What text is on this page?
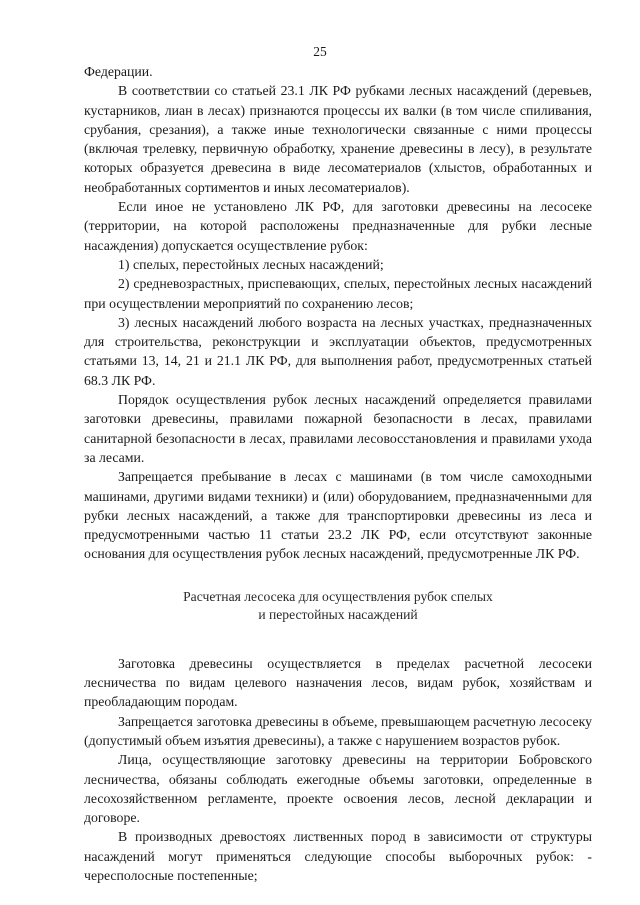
25

Федерации.

В соответствии со статьей 23.1 ЛК РФ рубками лесных насаждений (деревьев, кустарников, лиан в лесах) признаются процессы их валки (в том числе спиливания, срубания, срезания), а также иные технологически связанные с ними процессы (включая трелевку, первичную обработку, хранение древесины в лесу), в результате которых образуется древесина в виде лесоматериалов (хлыстов, обработанных и необработанных сортиментов и иных лесоматериалов).

Если иное не установлено ЛК РФ, для заготовки древесины на лесосеке (территории, на которой расположены предназначенные для рубки лесные насаждения) допускается осуществление рубок:

1) спелых, перестойных лесных насаждений;

2) средневозрастных, приспевающих, спелых, перестойных лесных насаждений при осуществлении мероприятий по сохранению лесов;

3) лесных насаждений любого возраста на лесных участках, предназначенных для строительства, реконструкции и эксплуатации объектов, предусмотренных статьями 13, 14, 21 и 21.1 ЛК РФ, для выполнения работ, предусмотренных статьей 68.3 ЛК РФ.

Порядок осуществления рубок лесных насаждений определяется правилами заготовки древесины, правилами пожарной безопасности в лесах, правилами санитарной безопасности в лесах, правилами лесовосстановления и правилами ухода за лесами.

Запрещается пребывание в лесах с машинами (в том числе самоходными машинами, другими видами техники) и (или) оборудованием, предназначенными для рубки лесных насаждений, а также для транспортировки древесины из леса и предусмотренными частью 11 статьи 23.2 ЛК РФ, если отсутствуют законные основания для осуществления рубок лесных насаждений, предусмотренные ЛК РФ.

Расчетная лесосека для осуществления рубок спелых
и перестойных насаждений

Заготовка древесины осуществляется в пределах расчетной лесосеки лесничества по видам целевого назначения лесов, видам рубок, хозяйствам и преобладающим породам.

Запрещается заготовка древесины в объеме, превышающем расчетную лесосеку (допустимый объем изъятия древесины), а также с нарушением возрастов рубок.

Лица, осуществляющие заготовку древесины на территории Бобровского лесничества, обязаны соблюдать ежегодные объемы заготовки, определенные в лесохозяйственном регламенте, проекте освоения лесов, лесной декларации и договоре.

В производных древостоях лиственных пород в зависимости от структуры насаждений могут применяться следующие способы выборочных рубок: - чересполосные постепенные;
